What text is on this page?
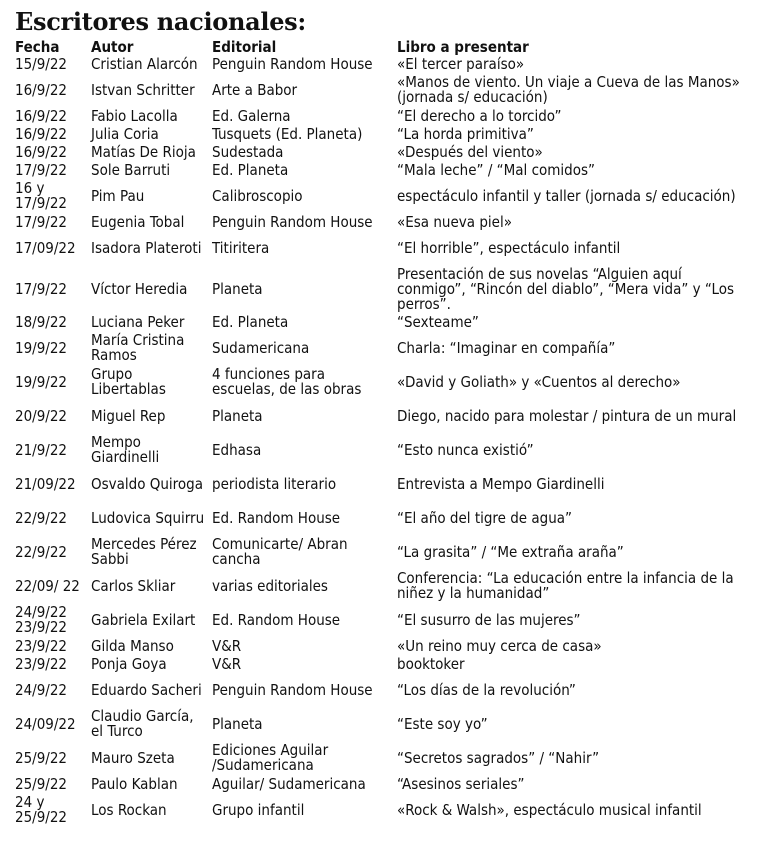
Escritores nacionales:
Fecha	Autor	Editorial	Libro a presentar
15/9/22	Cristian Alarcón	Penguin Random House	«El tercer paraíso»
16/9/22	Istvan Schritter	Arte a Babor	«Manos de viento. Un viaje a Cueva de las Manos» (jornada s/ educación)
16/9/22	Fabio Lacolla	Ed. Galerna	“El derecho a lo torcido”
16/9/22	Julia Coria	Tusquets (Ed. Planeta)	“La horda primitiva”
16/9/22	Matías De Rioja	Sudestada	«Después del viento»
17/9/22	Sole Barruti	Ed. Planeta	“Mala leche” / “Mal comidos”
16 y 17/9/22	Pim Pau	Calibroscopio	espectáculo infantil y taller (jornada s/ educación)
17/9/22	Eugenia Tobal	Penguin Random House	«Esa nueva piel»
17/09/22	Isadora Plateroti	Titiritera	“El horrible”, espectáculo infantil
17/9/22	Víctor Heredia	Planeta	Presentación de sus novelas “Alguien aquí conmigo”, “Rincón del diablo”, “Mera vida” y “Los perros”.
18/9/22	Luciana Peker	Ed. Planeta	“Sexteame”
19/9/22	María Cristina Ramos	Sudamericana	Charla: “Imaginar en compañía”
19/9/22	Grupo Libertablas	4 funciones para escuelas, de las obras	«David y Goliath» y «Cuentos al derecho»
20/9/22	Miguel Rep	Planeta	Diego, nacido para molestar / pintura de un mural
21/9/22	Mempo Giardinelli	Edhasa	“Esto nunca existió”
21/09/22	Osvaldo Quiroga	periodista literario	Entrevista a Mempo Giardinelli
22/9/22	Ludovica Squirru	Ed. Random House	“El año del tigre de agua”
22/9/22	Mercedes Pérez Sabbi	Comunicarte/ Abran cancha	“La grasita” / “Me extraña araña”
22/09/ 22	Carlos Skliar	varias editoriales	Conferencia: “La educación entre la infancia de la niñez y la humanidad”
24/9/22 23/9/22	Gabriela Exilart	Ed. Random House	“El susurro de las mujeres”
23/9/22	Gilda Manso	V&R	«Un reino muy cerca de casa»
23/9/22	Ponja Goya	V&R	booktoker
24/9/22	Eduardo Sacheri	Penguin Random House	“Los días de la revolución”
24/09/22	Claudio García, el Turco	Planeta	“Este soy yo”
25/9/22	Mauro Szeta	Ediciones Aguilar /Sudamericana	“Secretos sagrados” / “Nahir”
25/9/22	Paulo Kablan	Aguilar/ Sudamericana	“Asesinos seriales”
24 y 25/9/22	Los Rockan	Grupo infantil	«Rock & Walsh», espectáculo musical infantil
